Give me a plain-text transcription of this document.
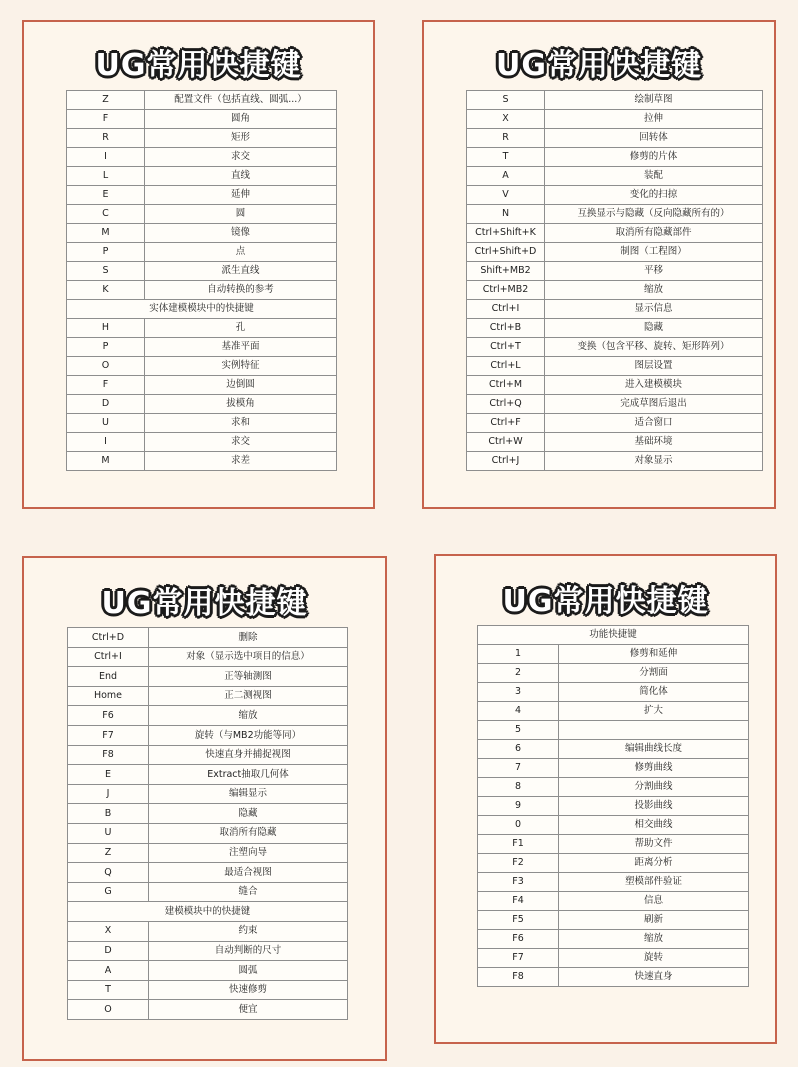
UG常用快捷键
Z	配置文件（包括直线、圆弧...）
F	圆角
R	矩形
I	求交
L	直线
E	延伸
C	圆
M	镜像
P	点
S	派生直线
K	自动转换的参考
实体建模模块中的快捷键	
H	孔
P	基准平面
O	实例特征
F	边倒圆
D	拔模角
U	求和
I	求交
M	求差
UG常用快捷键
S	绘制草图
X	拉伸
R	回转体
T	修剪的片体
A	装配
V	变化的扫掠
N	互换显示与隐藏（反向隐藏所有的）
Ctrl+Shift+K	取消所有隐藏部件
Ctrl+Shift+D	制图（工程图）
Shift+MB2	平移
Ctrl+MB2	缩放
Ctrl+I	显示信息
Ctrl+B	隐藏
Ctrl+T	变换（包含平移、旋转、矩形阵列）
Ctrl+L	图层设置
Ctrl+M	进入建模模块
Ctrl+Q	完成草图后退出
Ctrl+F	适合窗口
Ctrl+W	基础环境
Ctrl+J	对象显示
UG常用快捷键
Ctrl+D	删除
Ctrl+I	对象（显示选中项目的信息）
End	正等轴测图
Home	正二测视图
F6	缩放
F7	旋转（与MB2功能等同）
F8	快速直身并捕捉视图
E	Extract抽取几何体
J	编辑显示
B	隐藏
U	取消所有隐藏
Z	注塑向导
Q	最适合视图
G	缝合
建模模块中的快捷键	
X	约束
D	自动判断的尺寸
A	圆弧
T	快速修剪
O	便宜
UG常用快捷键
功能快捷键	
1	修剪和延伸
2	分割面
3	简化体
4	扩大
5	
6	编辑曲线长度
7	修剪曲线
8	分割曲线
9	投影曲线
0	相交曲线
F1	帮助文件
F2	距离分析
F3	塑模部件验证
F4	信息
F5	刷新
F6	缩放
F7	旋转
F8	快速直身
